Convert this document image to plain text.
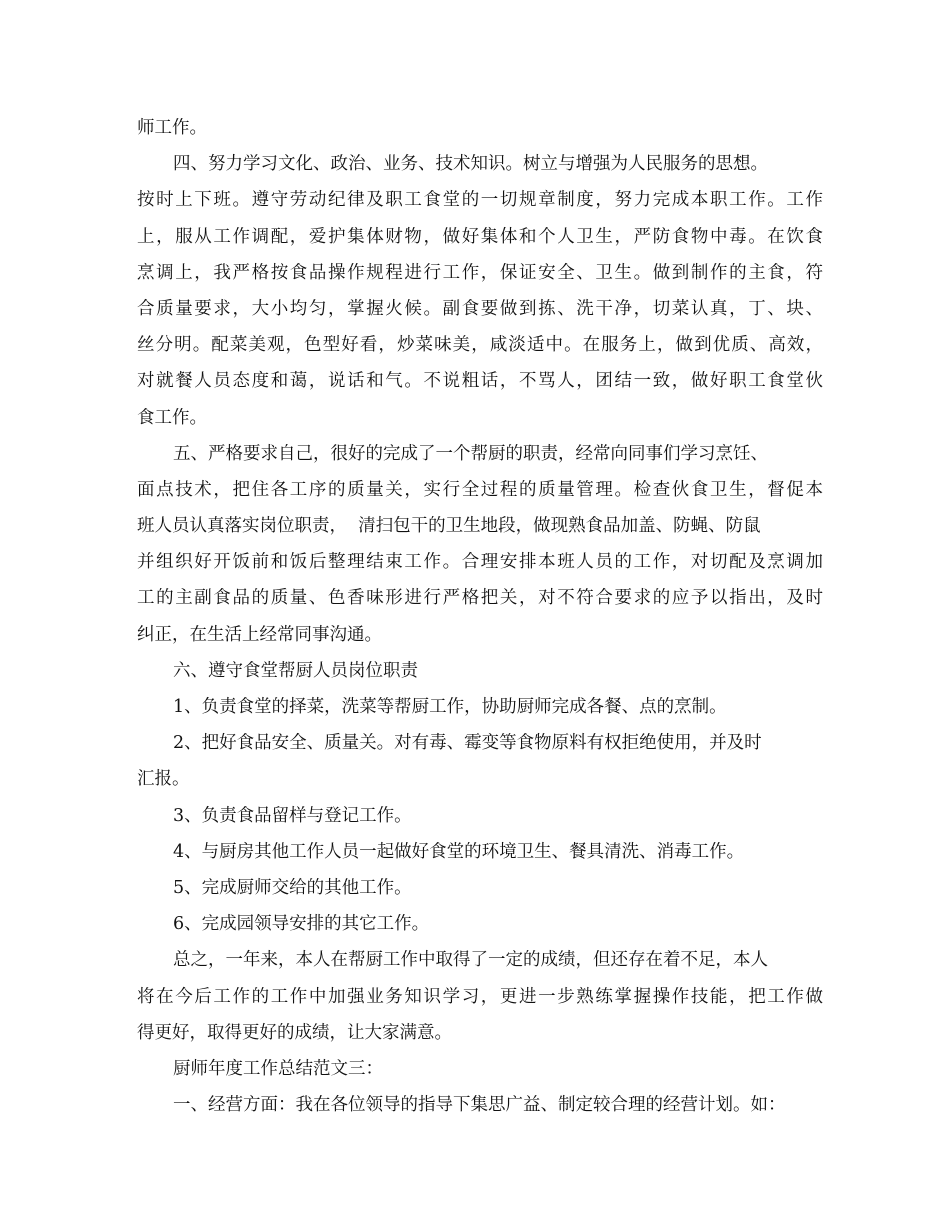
师工作。
四、努力学习文化、政治、业务、技术知识。树立与增强为人民服务的思想。
按时上下班。遵守劳动纪律及职工食堂的一切规章制度，努力完成本职工作。工作
上，服从工作调配，爱护集体财物，做好集体和个人卫生，严防食物中毒。在饮食
烹调上，我严格按食品操作规程进行工作，保证安全、卫生。做到制作的主食，符
合质量要求，大小均匀，掌握火候。副食要做到拣、洗干净，切菜认真，丁、块、
丝分明。配菜美观，色型好看，炒菜味美，咸淡适中。在服务上，做到优质、高效，
对就餐人员态度和蔼，说话和气。不说粗话，不骂人，团结一致，做好职工食堂伙
食工作。
五、严格要求自己，很好的完成了一个帮厨的职责，经常向同事们学习烹饪、
面点技术，把住各工序的质量关，实行全过程的质量管理。检查伙食卫生，督促本
班人员认真落实岗位职责，  清扫包干的卫生地段，做现熟食品加盖、防蝇、防鼠
并组织好开饭前和饭后整理结束工作。合理安排本班人员的工作，对切配及烹调加
工的主副食品的质量、色香味形进行严格把关，对不符合要求的应予以指出，及时
纠正，在生活上经常同事沟通。
六、遵守食堂帮厨人员岗位职责
1、负责食堂的择菜，洗菜等帮厨工作，协助厨师完成各餐、点的烹制。
2、把好食品安全、质量关。对有毒、霉变等食物原料有权拒绝使用，并及时
汇报。
3、负责食品留样与登记工作。
4、与厨房其他工作人员一起做好食堂的环境卫生、餐具清洗、消毒工作。
5、完成厨师交给的其他工作。
6、完成园领导安排的其它工作。
总之，一年来，本人在帮厨工作中取得了一定的成绩，但还存在着不足，本人
将在今后工作的工作中加强业务知识学习，更进一步熟练掌握操作技能，把工作做
得更好，取得更好的成绩，让大家满意。
厨师年度工作总结范文三：
一、经营方面：我在各位领导的指导下集思广益、制定较合理的经营计划。如：
